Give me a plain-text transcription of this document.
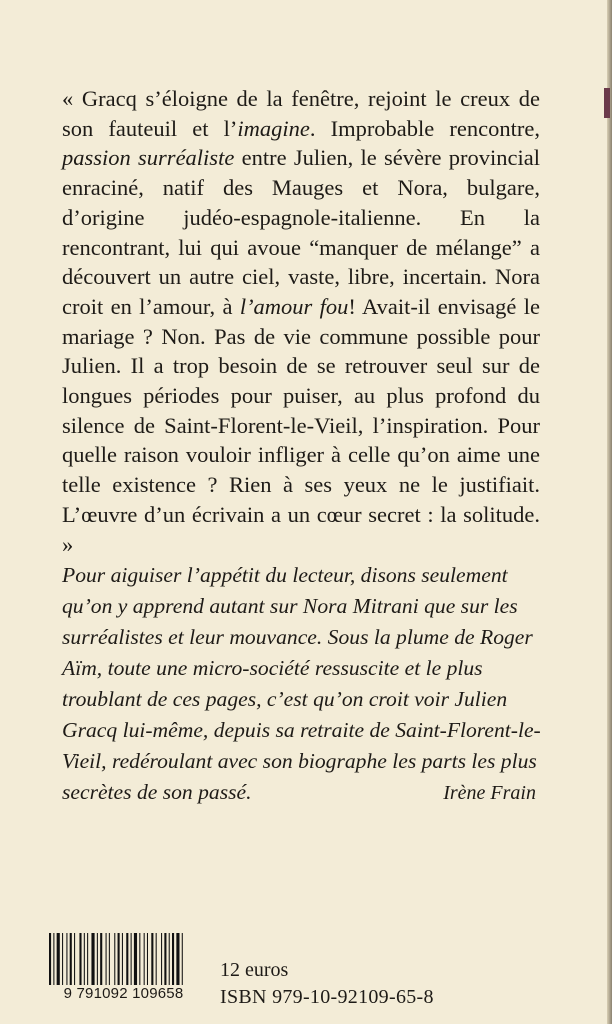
« Gracq s’éloigne de la fenêtre, rejoint le creux de son fauteuil et l’imagine. Improbable rencontre, passion surréaliste entre Julien, le sévère provincial enraciné, natif des Mauges et Nora, bulgare, d’origine judéo-espagnole-italienne. En la rencontrant, lui qui avoue “manquer de mélange” a découvert un autre ciel, vaste, libre, incertain. Nora croit en l’amour, à l’amour fou! Avait-il envisagé le mariage ? Non. Pas de vie commune possible pour Julien. Il a trop besoin de se retrouver seul sur de longues périodes pour puiser, au plus profond du silence de Saint-Florent-le-Vieil, l’inspiration. Pour quelle raison vouloir infliger à celle qu’on aime une telle existence ? Rien à ses yeux ne le justifiait. L’œuvre d’un écrivain a un cœur secret : la solitude. »

Pour aiguiser l’appétit du lecteur, disons seulement qu’on y apprend autant sur Nora Mitrani que sur les surréalistes et leur mouvance. Sous la plume de Roger Aïm, toute une micro-société ressuscite et le plus troublant de ces pages, c’est qu’on croit voir Julien Gracq lui-même, depuis sa retraite de Saint-Florent-le-Vieil, redéroulant avec son biographe les parts les plus secrètes de son passé.	Irène Frain
9 791092 109658
12 euros
ISBN 979-10-92109-65-8
